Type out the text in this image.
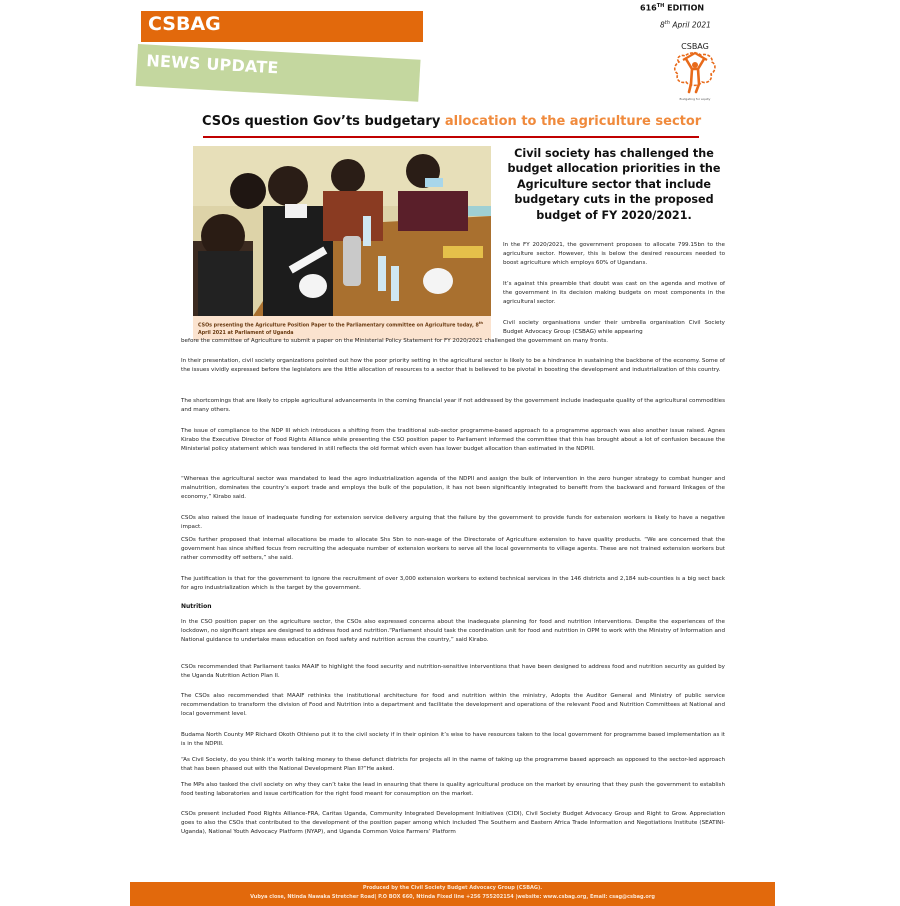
CSBAG
NEWS UPDATE
616TH EDITION
8th April 2021
CSBAG
Budgeting for equity
CSOs question Gov’ts budgetary allocation to the agriculture sector
CSOs presenting the Agriculture Position Paper to the Parliamentary committee on Agriculture today, 8th April 2021 at Parliament of Uganda
Civil society has challenged the budget allocation priorities in the Agriculture sector that include budgetary cuts in the proposed budget of FY 2020/2021.
In the FY 2020/2021, the government proposes to allocate 799.15bn to the agriculture sector. However, this is below the desired resources needed to boost agriculture which employs 60% of Ugandans.
It’s against this preamble that doubt was cast on the agenda and motive of the government in its decision making budgets on most components in the agricultural sector.
Civil society organisations under their umbrella organisation Civil Society Budget Advocacy Group (CSBAG) while appearing
before the committee of Agriculture to submit a paper on the Ministerial Policy Statement for FY 2020/2021 challenged the government on many fronts.
In their presentation, civil society organizations pointed out how the poor priority setting in the agricultural sector is likely to be a hindrance in sustaining the backbone of the economy. Some of the issues vividly expressed before the legislators are the little allocation of resources to a sector that is believed to be pivotal in boosting the development and industrialization of this country.
The shortcomings that are likely to cripple agricultural advancements in the coming financial year if not addressed by the government include inadequate quality of the agricultural commodities and many others.
The issue of compliance to the NDP III which introduces a shifting from the traditional sub-sector programme-based approach to a programme approach was also another issue raised. Agnes Kirabo the Executive Director of Food Rights Alliance while presenting the CSO position paper to Parliament informed the committee that this has brought about a lot of confusion because the Ministerial policy statement which was tendered in still reflects the old format which even has lower budget allocation than estimated in the NDPIII.
“Whereas the agricultural sector was mandated to lead the agro industrialization agenda of the NDPII and assign the bulk of intervention in the zero hunger strategy to combat hunger and malnutrition, dominates the country’s export trade and employs the bulk of the population, it has not been significantly integrated to benefit from the backward and forward linkages of the economy,” Kirabo said.
CSOs also raised the issue of inadequate funding for extension service delivery arguing that the failure by the government to provide funds for extension workers is likely to have a negative impact.
CSOs further proposed that internal allocations be made to allocate Shs 5bn to non-wage of the Directorate of Agriculture extension to have quality products. “We are concerned that the government has since shifted focus from recruiting the adequate number of extension workers to serve all the local governments to village agents. These are not trained extension workers but rather commodity off setters,” she said.
The justification is that for the government to ignore the recruitment of over 3,000 extension workers to extend technical services in the 146 districts and 2,184 sub-counties is a big sect back for agro industrialization which is the target by the government.
Nutrition
In the CSO position paper on the agriculture sector, the CSOs also expressed concerns about the inadequate planning for food and nutrition interventions. Despite the experiences of the lockdown, no significant steps are designed to address food and nutrition.“Parliament should task the coordination unit for food and nutrition in OPM to work with the Ministry of Information and National guidance to undertake mass education on food safety and nutrition across the country,” said Kirabo.
CSOs recommended that Parliament tasks MAAIF to highlight the food security and nutrition-sensitive interventions that have been designed to address food and nutrition security as guided by the Uganda Nutrition Action Plan II.
The CSOs also recommended that MAAIF rethinks the institutional architecture for food and nutrition within the ministry, Adopts the Auditor General and Ministry of public service recommendation to transform the division of Food and Nutrition into a department and facilitate the development and operations of the relevant Food and Nutrition Committees at National and local government level.
Budama North County MP Richard Okoth Othieno put it to the civil society if in their opinion it’s wise to have resources taken to the local government for programme based implementation as it is in the NDPIII.
“As Civil Society, do you think it’s worth talking money to these defunct districts for projects all in the name of taking up the programme based approach as opposed to the sector-led approach that has been phased out with the National Development Plan II?”He asked.
The MPs also tasked the civil society on why they can’t take the lead in ensuring that there is quality agricultural produce on the market by ensuring that they push the government to establish food testing laboratories and issue certification for the right food meant for consumption on the market.
CSOs present included Food Rights Alliance-FRA, Caritas Uganda, Community Integrated Development Initiatives (CIDI), Civil Society Budget Advocacy Group and Right to Grow. Appreciation goes to also the CSOs that contributed to the development of the position paper among which included The Southern and Eastern Africa Trade Information and Negotiations Institute (SEATINI-Uganda), National Youth Advocacy Platform (NYAP), and Uganda Common Voice Farmers’ Platform
Produced by the Civil Society Budget Advocacy Group (CSBAG).
Vubya close, Ntinda Nawaka Stretcher Road| P.O BOX 660, Ntinda Fixed line +256 755202154 |website: www.csbag.org, Email: csag@csbag.org
